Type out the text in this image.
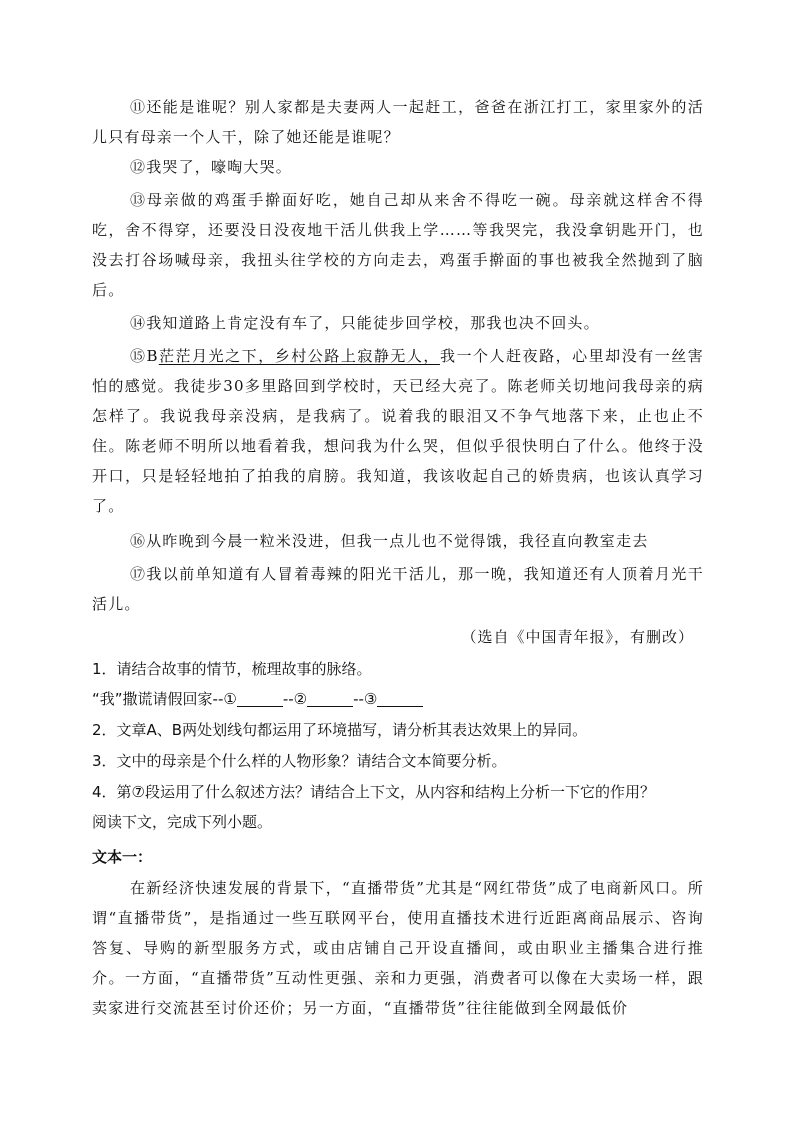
⑪还能是谁呢？别人家都是夫妻两人一起赶工，爸爸在浙江打工，家里家外的活儿只有母亲一个人干，除了她还能是谁呢？
⑫我哭了，嚎啕大哭。
⑬母亲做的鸡蛋手擀面好吃，她自己却从来舍不得吃一碗。母亲就这样舍不得吃，舍不得穿，还要没日没夜地干活儿供我上学……等我哭完，我没拿钥匙开门，也没去打谷场喊母亲，我扭头往学校的方向走去，鸡蛋手擀面的事也被我全然抛到了脑后。
⑭我知道路上肯定没有车了，只能徒步回学校，那我也决不回头。
⑮B茫茫月光之下，乡村公路上寂静无人，我一个人赶夜路，心里却没有一丝害怕的感觉。我徒步30多里路回到学校时，天已经大亮了。陈老师关切地问我母亲的病怎样了。我说我母亲没病，是我病了。说着我的眼泪又不争气地落下来，止也止不住。陈老师不明所以地看着我，想问我为什么哭，但似乎很快明白了什么。他终于没开口，只是轻轻地拍了拍我的肩膀。我知道，我该收起自己的娇贵病，也该认真学习了。
⑯从昨晚到今晨一粒米没进，但我一点儿也不觉得饿，我径直向教室走去
⑰我以前单知道有人冒着毒辣的阳光干活儿，那一晚，我知道还有人顶着月光干活儿。
（选自《中国青年报》，有删改）
1．请结合故事的情节，梳理故事的脉络。
“我”撒谎请假回家--①	--②	--③
2．文章A、B两处划线句都运用了环境描写，请分析其表达效果上的异同。
3．文中的母亲是个什么样的人物形象？请结合文本简要分析。
4．第⑦段运用了什么叙述方法？请结合上下文，从内容和结构上分析一下它的作用？
阅读下文，完成下列小题。
文本一：
在新经济快速发展的背景下，“直播带货”尤其是“网红带货”成了电商新风口。所谓“直播带货”，是指通过一些互联网平台，使用直播技术进行近距离商品展示、咨询答复、导购的新型服务方式，或由店铺自己开设直播间，或由职业主播集合进行推介。一方面，“直播带货”互动性更强、亲和力更强，消费者可以像在大卖场一样，跟卖家进行交流甚至讨价还价；另一方面，“直播带货”往往能做到全网最低价
